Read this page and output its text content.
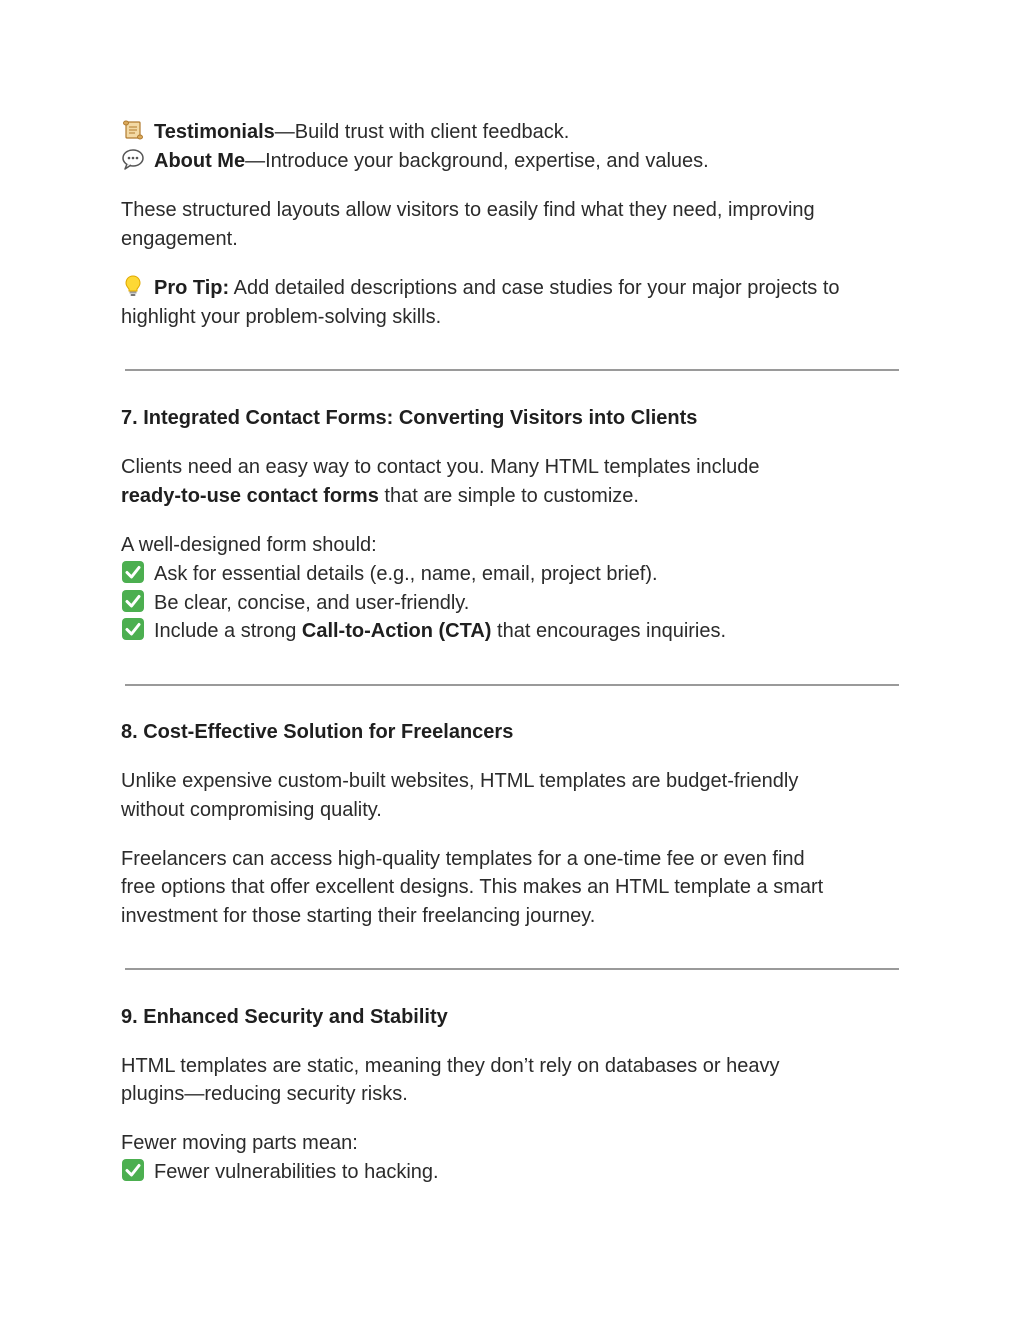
Testimonials—Build trust with client feedback.
About Me—Introduce your background, expertise, and values.
These structured layouts allow visitors to easily find what they need, improving
engagement.
Pro Tip: Add detailed descriptions and case studies for your major projects to
highlight your problem-solving skills.
7. Integrated Contact Forms: Converting Visitors into Clients
Clients need an easy way to contact you. Many HTML templates include
ready-to-use contact forms that are simple to customize.
A well-designed form should:
Ask for essential details (e.g., name, email, project brief).
Be clear, concise, and user-friendly.
Include a strong Call-to-Action (CTA) that encourages inquiries.
8. Cost-Effective Solution for Freelancers
Unlike expensive custom-built websites, HTML templates are budget-friendly
without compromising quality.
Freelancers can access high-quality templates for a one-time fee or even find
free options that offer excellent designs. This makes an HTML template a smart
investment for those starting their freelancing journey.
9. Enhanced Security and Stability
HTML templates are static, meaning they don’t rely on databases or heavy
plugins—reducing security risks.
Fewer moving parts mean:
Fewer vulnerabilities to hacking.
